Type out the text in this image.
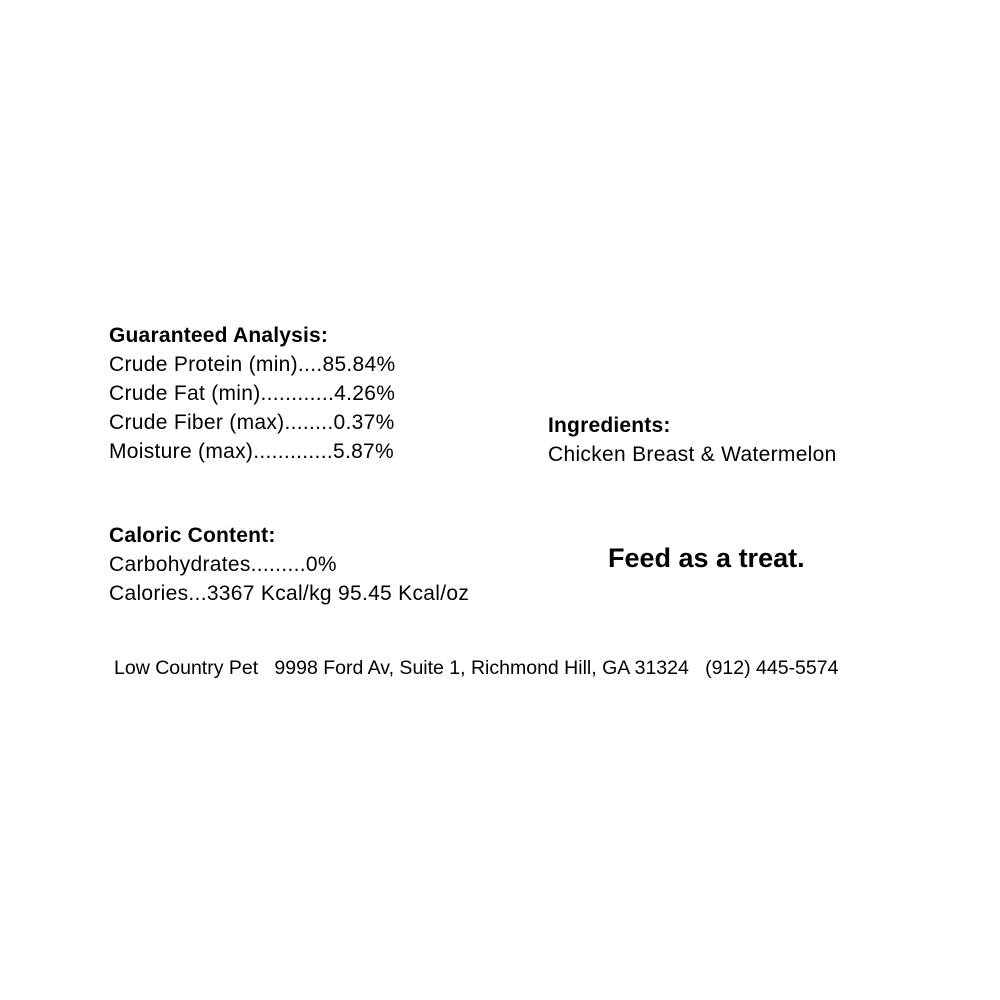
Guaranteed Analysis:
Crude Protein (min)....85.84%
Crude Fat (min)............4.26%
Crude Fiber (max)........0.37%
Moisture (max).............5.87%
Ingredients:
Chicken Breast & Watermelon
Caloric Content:
Carbohydrates.........0%
Calories...3367 Kcal/kg 95.45 Kcal/oz
Feed as a treat.
Low Country Pet   9998 Ford Av, Suite 1, Richmond Hill, GA 31324   (912) 445-5574
